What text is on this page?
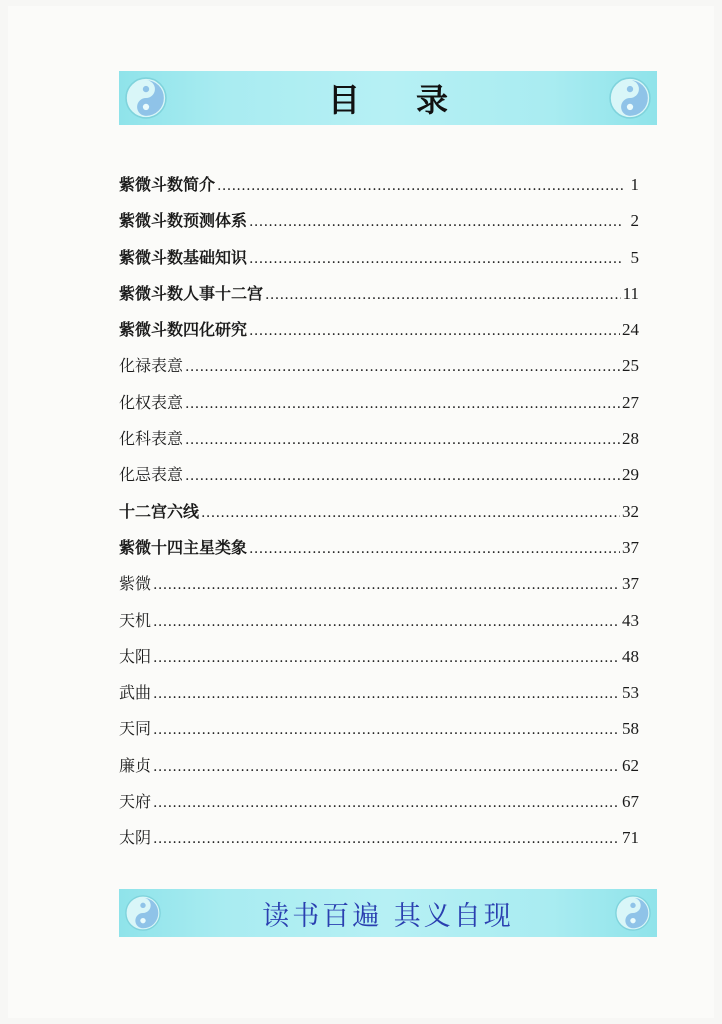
目录
紫微斗数简介 .....	1
紫微斗数预测体系 .....	2
紫微斗数基础知识 .....	5
紫微斗数人事十二宫 .....	11
紫微斗数四化研究 .....	24
化禄表意 .....	25
化权表意 .....	27
化科表意 .....	28
化忌表意 .....	29
十二宫六线 .....	32
紫微十四主星类象 .....	37
紫微 .....	37
天机 .....	43
太阳 .....	48
武曲 .....	53
天同 .....	58
廉贞 .....	62
天府 .....	67
太阴 .....	71
读书百遍 其义自现
